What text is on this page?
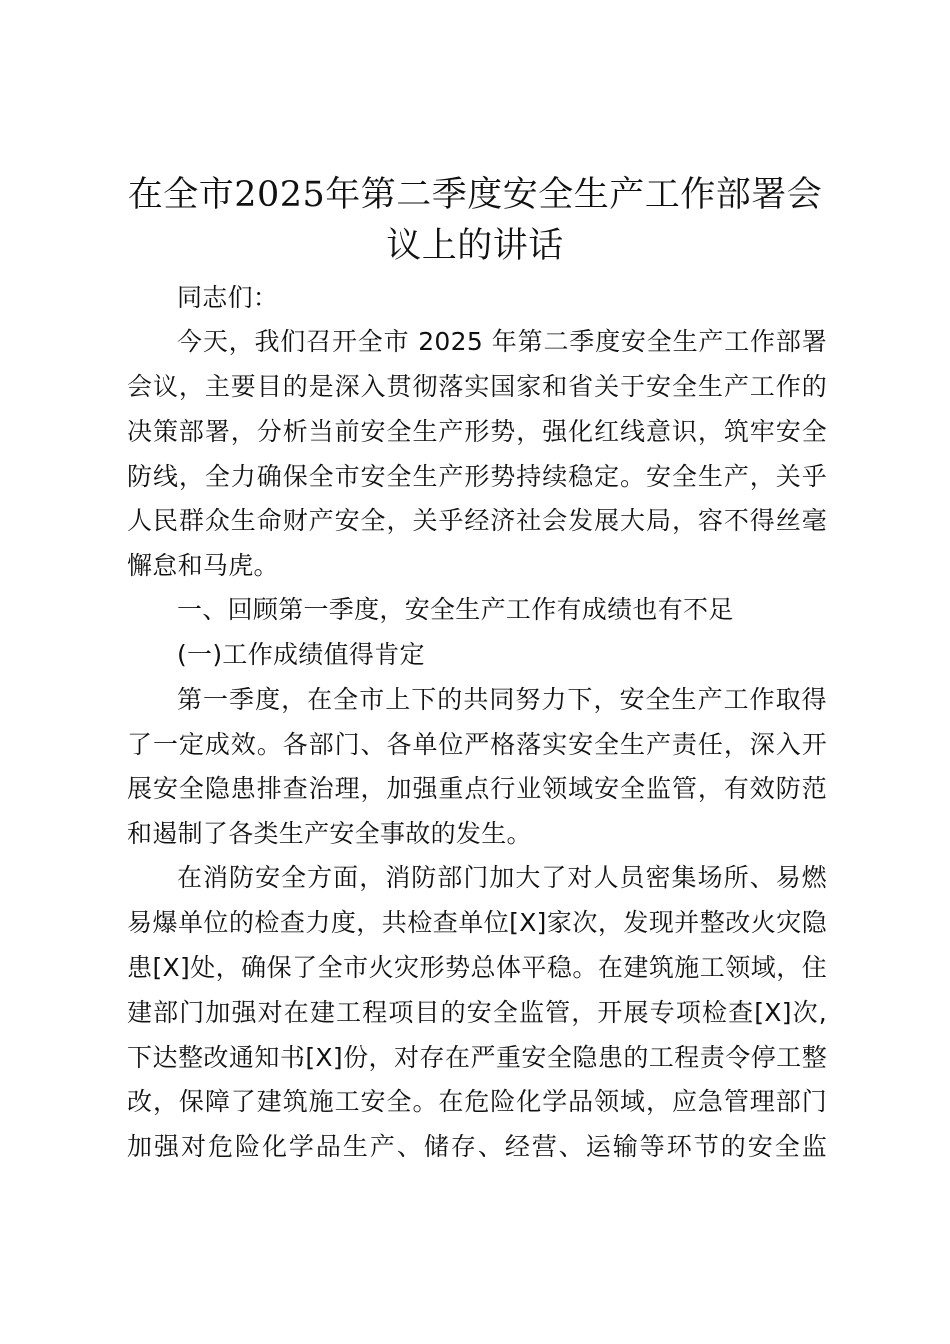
在全市2025年第二季度安全生产工作部署会
议上的讲话
同志们：
今天，我们召开全市 2025 年第二季度安全生产工作部署
会议，主要目的是深入贯彻落实国家和省关于安全生产工作的
决策部署，分析当前安全生产形势，强化红线意识，筑牢安全
防线，全力确保全市安全生产形势持续稳定。安全生产，关乎
人民群众生命财产安全，关乎经济社会发展大局，容不得丝毫
懈怠和马虎。
一、回顾第一季度，安全生产工作有成绩也有不足
(一)工作成绩值得肯定
第一季度，在全市上下的共同努力下，安全生产工作取得
了一定成效。各部门、各单位严格落实安全生产责任，深入开
展安全隐患排查治理，加强重点行业领域安全监管，有效防范
和遏制了各类生产安全事故的发生。
在消防安全方面，消防部门加大了对人员密集场所、易燃
易爆单位的检查力度，共检查单位[X]家次，发现并整改火灾隐
患[X]处，确保了全市火灾形势总体平稳。在建筑施工领域，住
建部门加强对在建工程项目的安全监管，开展专项检查[X]次,
下达整改通知书[X]份，对存在严重安全隐患的工程责令停工整
改，保障了建筑施工安全。在危险化学品领域，应急管理部门
加强对危险化学品生产、储存、经营、运输等环节的安全监
